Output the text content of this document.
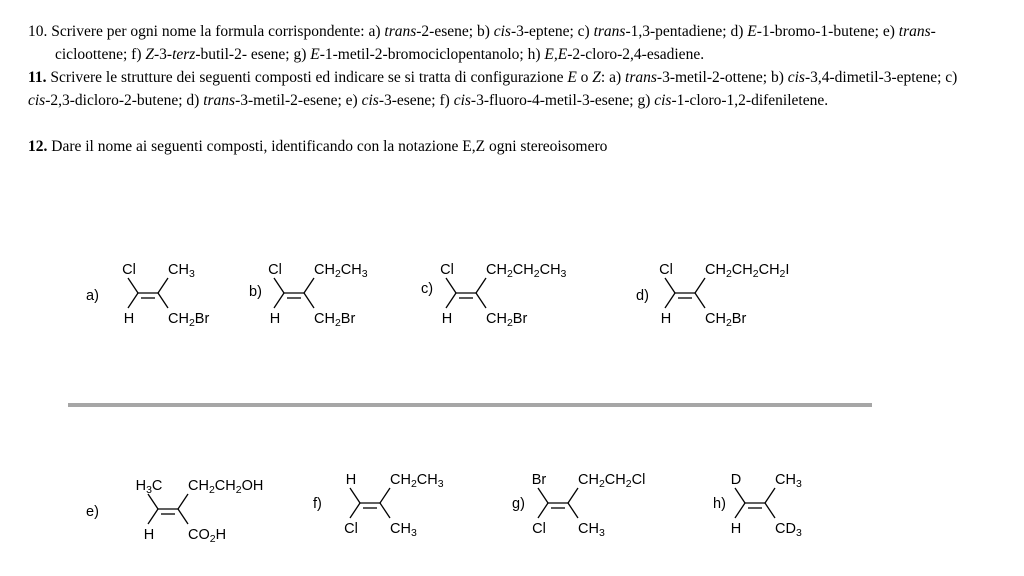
10. Scrivere per ogni nome la formula corrispondente: a) trans-2-esene; b) cis-3-eptene; c) trans-1,3-pentadiene; d) E-1-bromo-1-butene; e) trans-cicloottene; f) Z-3-terz-butil-2- esene; g) E-1-metil-2-bromociclopentanolo; h) E,E-2-cloro-2,4-esadiene.

11. Scrivere le strutture dei seguenti composti ed indicare se si tratta di configurazione E o Z: a) trans-3-metil-2-ottene; b) cis-3,4-dimetil-3-eptene; c) cis-2,3-dicloro-2-butene; d) trans-3-metil-2-esene; e) cis-3-esene; f) cis-3-fluoro-4-metil-3-esene; g) cis-1-cloro-1,2-difeniletene.

12. Dare il nome ai seguenti composti, identificando con la notazione E,Z ogni stereoisomero

a)
Cl
H
CH3
CH2Br
b)
Cl
H
CH2CH3
CH2Br
c)
Cl
H
CH2CH2CH3
CH2Br
d)
Cl
H
CH2CH2CH2I
CH2Br
e)
H3C
H
CH2CH2OH
CO2H
f)
H
Cl
CH2CH3
CH3
g)
Br
Cl
CH2CH2Cl
CH3
h)
D
H
CH3
CD3
